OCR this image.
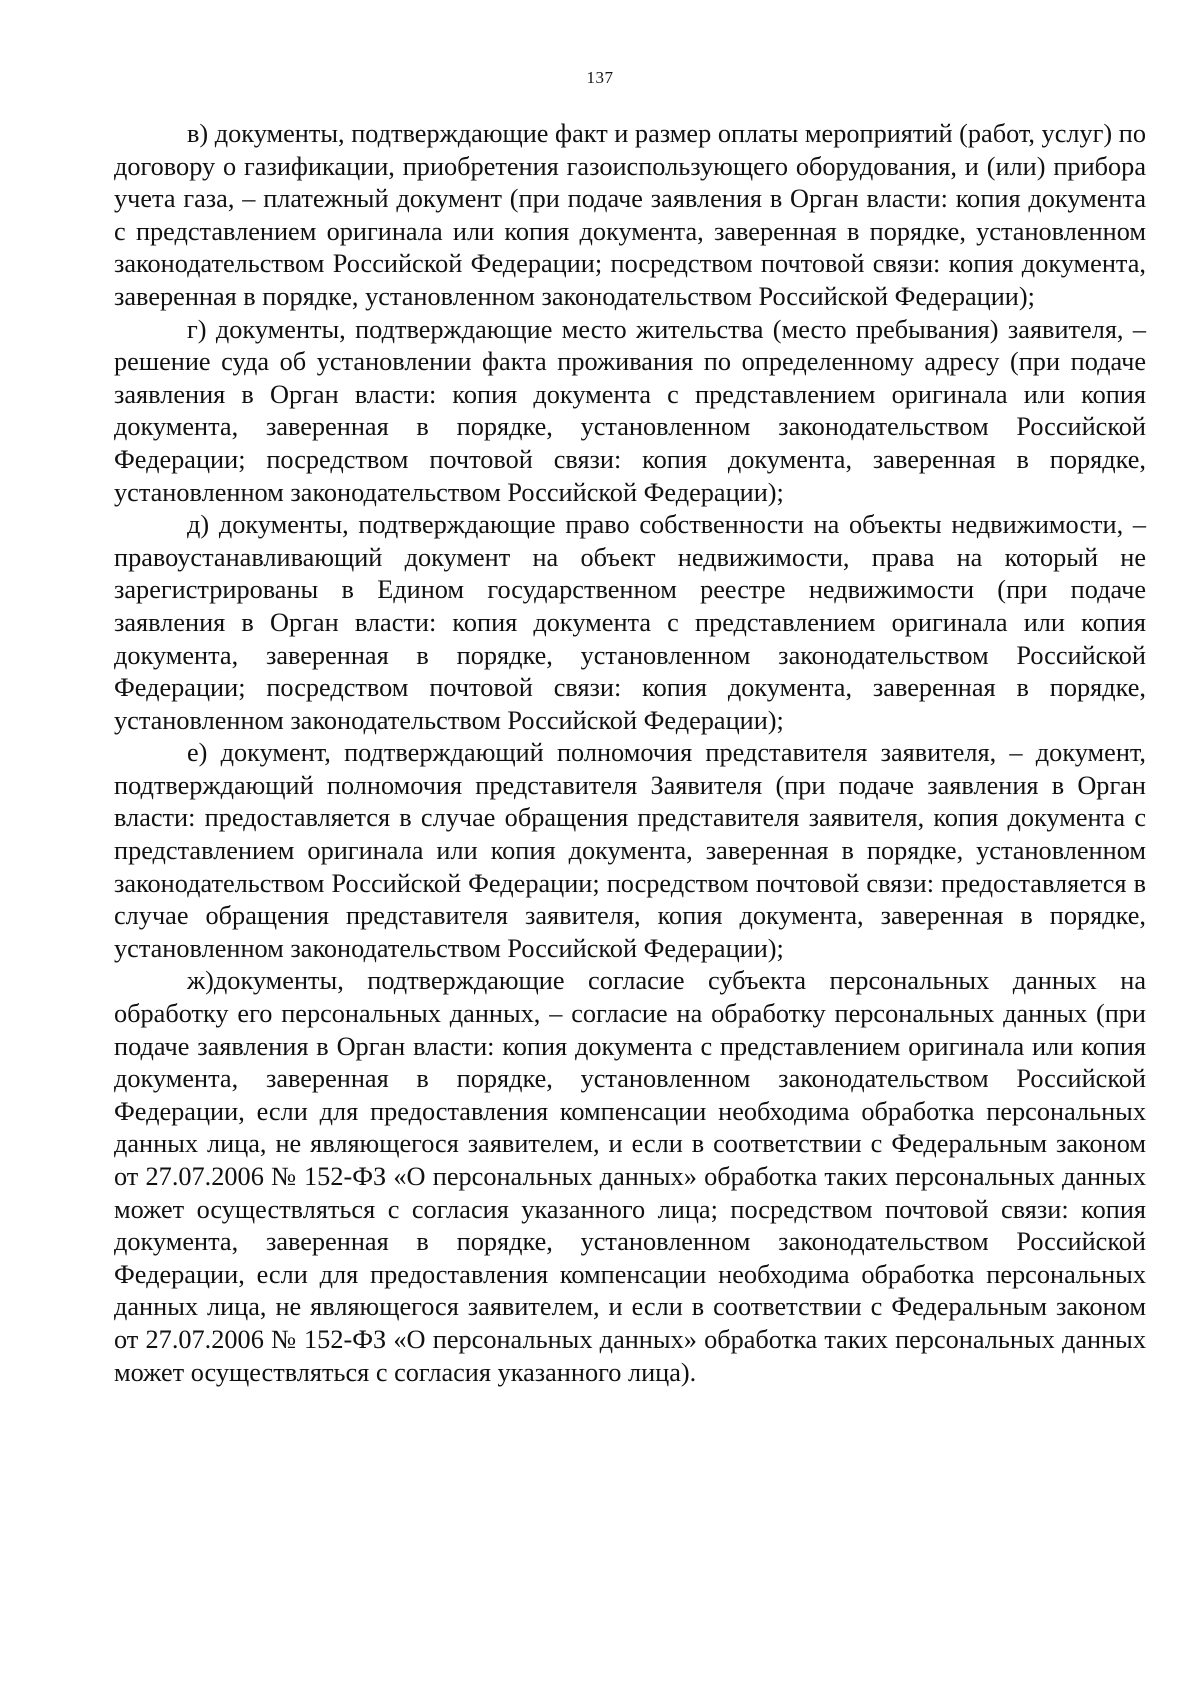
137

в) документы, подтверждающие факт и размер оплаты мероприятий (работ, услуг) по договору о газификации, приобретения газоиспользующего оборудования, и (или) прибора учета газа, – платежный документ (при подаче заявления в Орган власти: копия документа с представлением оригинала или копия документа, заверенная в порядке, установленном законодательством Российской Федерации; посредством почтовой связи: копия документа, заверенная в порядке, установленном законодательством Российской Федерации);

г) документы, подтверждающие место жительства (место пребывания) заявителя, – решение суда об установлении факта проживания по определенному адресу (при подаче заявления в Орган власти: копия документа с представлением оригинала или копия документа, заверенная в порядке, установленном законодательством Российской Федерации; посредством почтовой связи: копия документа, заверенная в порядке, установленном законодательством Российской Федерации);

д) документы, подтверждающие право собственности на объекты недвижимости, – правоустанавливающий документ на объект недвижимости, права на который не зарегистрированы в Едином государственном реестре недвижимости (при подаче заявления в Орган власти: копия документа с представлением оригинала или копия документа, заверенная в порядке, установленном законодательством Российской Федерации; посредством почтовой связи: копия документа, заверенная в порядке, установленном законодательством Российской Федерации);

е) документ, подтверждающий полномочия представителя заявителя, – документ, подтверждающий полномочия представителя Заявителя (при подаче заявления в Орган власти: предоставляется в случае обращения представителя заявителя, копия документа с представлением оригинала или копия документа, заверенная в порядке, установленном законодательством Российской Федерации; посредством почтовой связи: предоставляется в случае обращения представителя заявителя, копия документа, заверенная в порядке, установленном законодательством Российской Федерации);

ж)документы, подтверждающие согласие субъекта персональных данных на обработку его персональных данных, – согласие на обработку персональных данных (при подаче заявления в Орган власти: копия документа с представлением оригинала или копия документа, заверенная в порядке, установленном законодательством Российской Федерации, если для предоставления компенсации необходима обработка персональных данных лица, не являющегося заявителем, и если в соответствии с Федеральным законом от 27.07.2006 № 152-ФЗ «О персональных данных» обработка таких персональных данных может осуществляться с согласия указанного лица; посредством почтовой связи: копия документа, заверенная в порядке, установленном законодательством Российской Федерации, если для предоставления компенсации необходима обработка персональных данных лица, не являющегося заявителем, и если в соответствии с Федеральным законом от 27.07.2006 № 152-ФЗ «О персональных данных» обработка таких персональных данных может осуществляться с согласия указанного лица).
